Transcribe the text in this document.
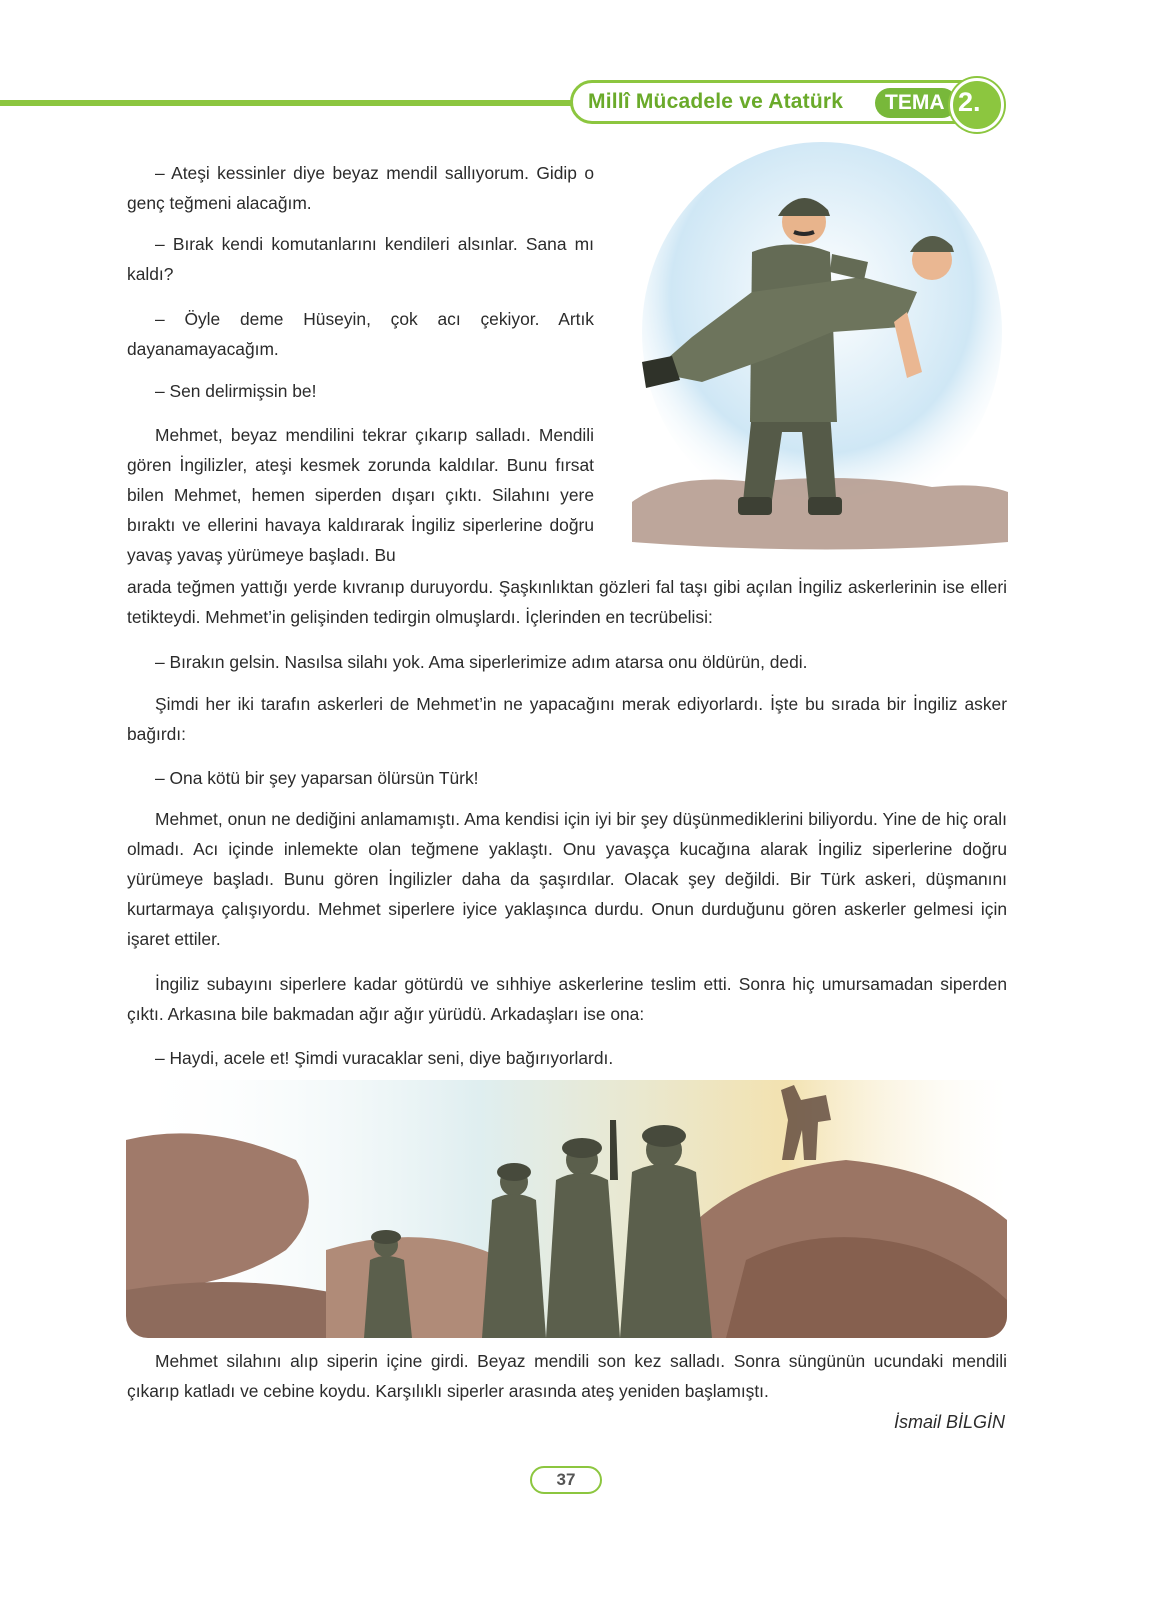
Millî Mücadele ve Atatürk TEMA 2.

– Ateşi kessinler diye beyaz mendil sallıyorum. Gidip o genç teğmeni alacağım.

– Bırak kendi komutanlarını kendileri alsınlar. Sana mı kaldı?

– Öyle deme Hüseyin, çok acı çekiyor. Artık dayanamayacağım.

– Sen delirmişsin be!

Mehmet, beyaz mendilini tekrar çıkarıp salladı. Mendili gören İngilizler, ateşi kesmek zorunda kaldılar. Bunu fırsat bilen Mehmet, hemen siperden dışarı çıktı. Silahını yere bıraktı ve ellerini havaya kaldırarak İngiliz siperlerine doğru yavaş yavaş yürümeye başladı. Bu

arada teğmen yattığı yerde kıvranıp duruyordu. Şaşkınlıktan gözleri fal taşı gibi açılan İngiliz askerlerinin ise elleri tetikteydi. Mehmet’in gelişinden tedirgin olmuşlardı. İçlerinden en tecrübelisi:

– Bırakın gelsin. Nasılsa silahı yok. Ama siperlerimize adım atarsa onu öldürün, dedi.

Şimdi her iki tarafın askerleri de Mehmet’in ne yapacağını merak ediyorlardı. İşte bu sırada bir İngiliz asker bağırdı:

– Ona kötü bir şey yaparsan ölürsün Türk!

Mehmet, onun ne dediğini anlamamıştı. Ama kendisi için iyi bir şey düşünmediklerini biliyordu. Yine de hiç oralı olmadı. Acı içinde inlemekte olan teğmene yaklaştı. Onu yavaşça kucağına alarak İngiliz siperlerine doğru yürümeye başladı. Bunu gören İngilizler daha da şaşırdılar. Olacak şey değildi. Bir Türk askeri, düşmanını kurtarmaya çalışıyordu. Mehmet siperlere iyice yaklaşınca durdu. Onun durduğunu gören askerler gelmesi için işaret ettiler.

İngiliz subayını siperlere kadar götürdü ve sıhhiye askerlerine teslim etti. Sonra hiç umursamadan siperden çıktı. Arkasına bile bakmadan ağır ağır yürüdü. Arkadaşları ise ona:

– Haydi, acele et! Şimdi vuracaklar seni, diye bağırıyorlardı.

Mehmet silahını alıp siperin içine girdi. Beyaz mendili son kez salladı. Sonra süngünün ucundaki mendili çıkarıp katladı ve cebine koydu. Karşılıklı siperler arasında ateş yeniden başlamıştı.

İsmail BİLGİN
37
